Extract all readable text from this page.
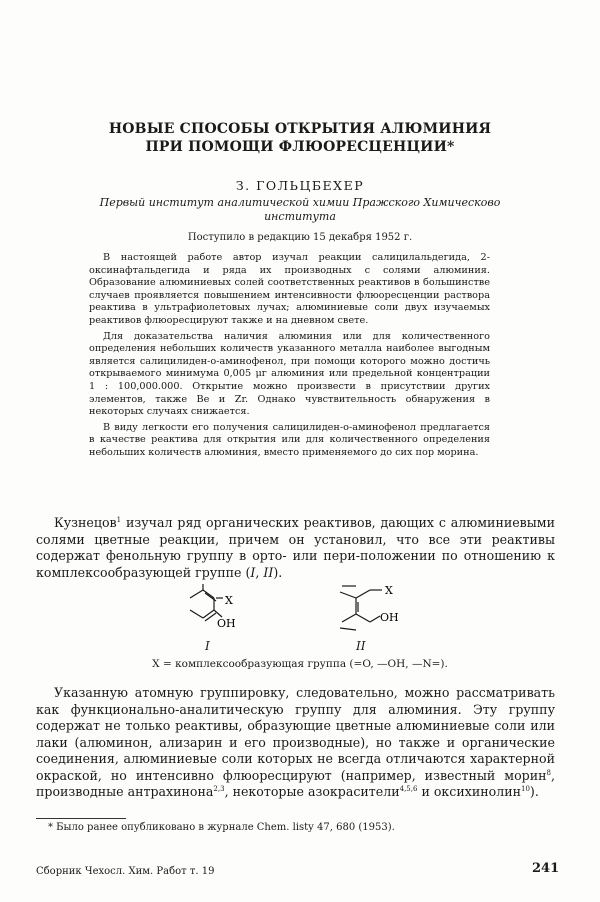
НОВЫЕ СПОСОБЫ ОТКРЫТИЯ АЛЮМИНИЯ ПРИ ПОМОЩИ ФЛЮОРЕСЦЕНЦИИ*
З. ГОЛЬЦБЕХЕР
Первый институт аналитической химии Пражского Химическово института
Поступило в редакцию 15 декабря 1952 г.

В настоящей работе автор изучал реакции салицилальдегида, 2-оксинафтальдегида и ряда их производных с солями алюминия. Образование алюминиевых солей соответственных реактивов в большинстве случаев проявляется повышением интенсивности флюоресценции раствора реактива в ультрафиолетовых лучах; алюминиевые соли двух изучаемых реактивов флюоресцируют также и на дневном свете.

Для доказательства наличия алюминия или для количественного определения небольших количеств указанного металла наиболее выгодным является салицилиден-о-аминофенол, при помощи которого можно достичь открываемого минимума 0,005 μг алюминия или предельной концентрации 1 : 100,000.000. Открытие можно произвести в присутствии других элементов, также Be и Zr. Однако чувствительность обнаружения в некоторых случаях снижается.

В виду легкости его получения салицилиден-о-аминофенол предлагается в качестве реактива для открытия или для количественного определения небольших количеств алюминия, вместо применяемого до сих пор морина.

Кузнецов$^1$ изучал ряд органических реактивов, дающих с алюминиевыми солями цветные реакции, причем он установил, что все эти реактивы содержат фенольную группу в орто- или пери-положении по отношению к комплексообразующей группе (I, II).

X
OH
X
OH
I	II
X = комплексообразующая группа (=O, —OH, —N=).

Указанную атомную группировку, следовательно, можно рассматривать как функционально-аналитическую группу для алюминия. Эту группу содержат не только реактивы, образующие цветные алюминиевые соли или лаки (алюминон, ализарин и его производные), но также и органические соединения, алюминиевые соли которых не всегда отличаются характерной окраской, но интенсивно флюоресцируют (например, известный морин$^8$, производные антрахинона$^{2,3}$, некоторые азокрасители$^{4,5,6}$ и оксихинолин$^{10}$).

* Было ранее опубликовано в журнале Chem. listy 47, 680 (1953).
Сборник Чехосл. Хим. Работ т. 19	241
